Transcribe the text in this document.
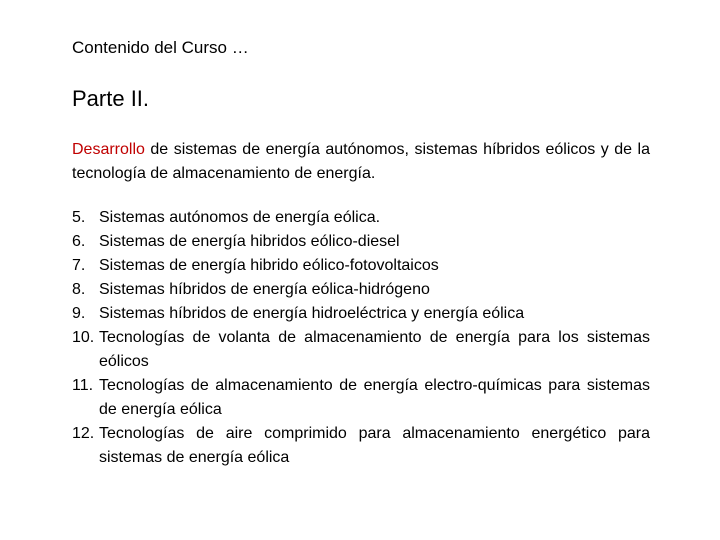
Contenido del Curso …
Parte II.

Desarrollo de sistemas de energía autónomos, sistemas híbridos eólicos y de la tecnología de almacenamiento de energía.

5. Sistemas autónomos de energía eólica.
6. Sistemas de energía hibridos eólico-diesel
7. Sistemas de energía hibrido eólico-fotovoltaicos
8. Sistemas híbridos de energía eólica-hidrógeno
9. Sistemas híbridos de energía hidroeléctrica y energía eólica
10. Tecnologías de volanta de almacenamiento de energía para los sistemas eólicos
11. Tecnologías de almacenamiento de energía electro-químicas para sistemas de energía eólica
12. Tecnologías de aire comprimido para almacenamiento energético para sistemas de energía eólica
